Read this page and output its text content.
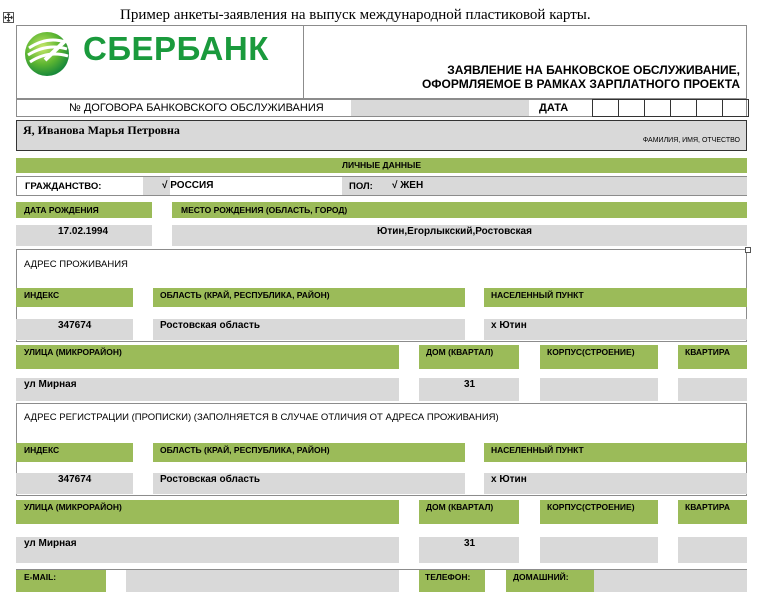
Пример анкеты-заявления на выпуск международной пластиковой карты.
СБЕРБАНК
ЗАЯВЛЕНИЕ НА БАНКОВСКОЕ ОБСЛУЖИВАНИЕ,
ОФОРМЛЯЕМОЕ В РАМКАХ ЗАРПЛАТНОГО ПРОЕКТА
№ ДОГОВОРА БАНКОВСКОГО ОБСЛУЖИВАНИЯ	ДАТА
Я, Иванова Марья Петровна
ФАМИЛИЯ, ИМЯ, ОТЧЕСТВО
ЛИЧНЫЕ ДАННЫЕ
ГРАЖДАНСТВО:	√ РОССИЯ	ПОЛ: √ ЖЕН
ДАТА РОЖДЕНИЯ	МЕСТО РОЖДЕНИЯ (ОБЛАСТЬ, ГОРОД)
17.02.1994	Ютин,Егорлыкский,Ростовская
АДРЕС ПРОЖИВАНИЯ
ИНДЕКС	ОБЛАСТЬ (КРАЙ, РЕСПУБЛИКА, РАЙОН)	НАСЕЛЕННЫЙ ПУНКТ
347674	Ростовская область	х Ютин
УЛИЦА (МИКРОРАЙОН)	ДОМ (КВАРТАЛ)	КОРПУС(СТРОЕНИЕ)	КВАРТИРА
ул Мирная	31
АДРЕС РЕГИСТРАЦИИ (ПРОПИСКИ) (ЗАПОЛНЯЕТСЯ В СЛУЧАЕ ОТЛИЧИЯ ОТ АДРЕСА ПРОЖИВАНИЯ)
ИНДЕКС	ОБЛАСТЬ (КРАЙ, РЕСПУБЛИКА, РАЙОН)	НАСЕЛЕННЫЙ ПУНКТ
347674	Ростовская область	х Ютин
УЛИЦА (МИКРОРАЙОН)	ДОМ (КВАРТАЛ)	КОРПУС(СТРОЕНИЕ)	КВАРТИРА
ул Мирная	31
E-MAIL:	ТЕЛЕФОН:	ДОМАШНИЙ:
